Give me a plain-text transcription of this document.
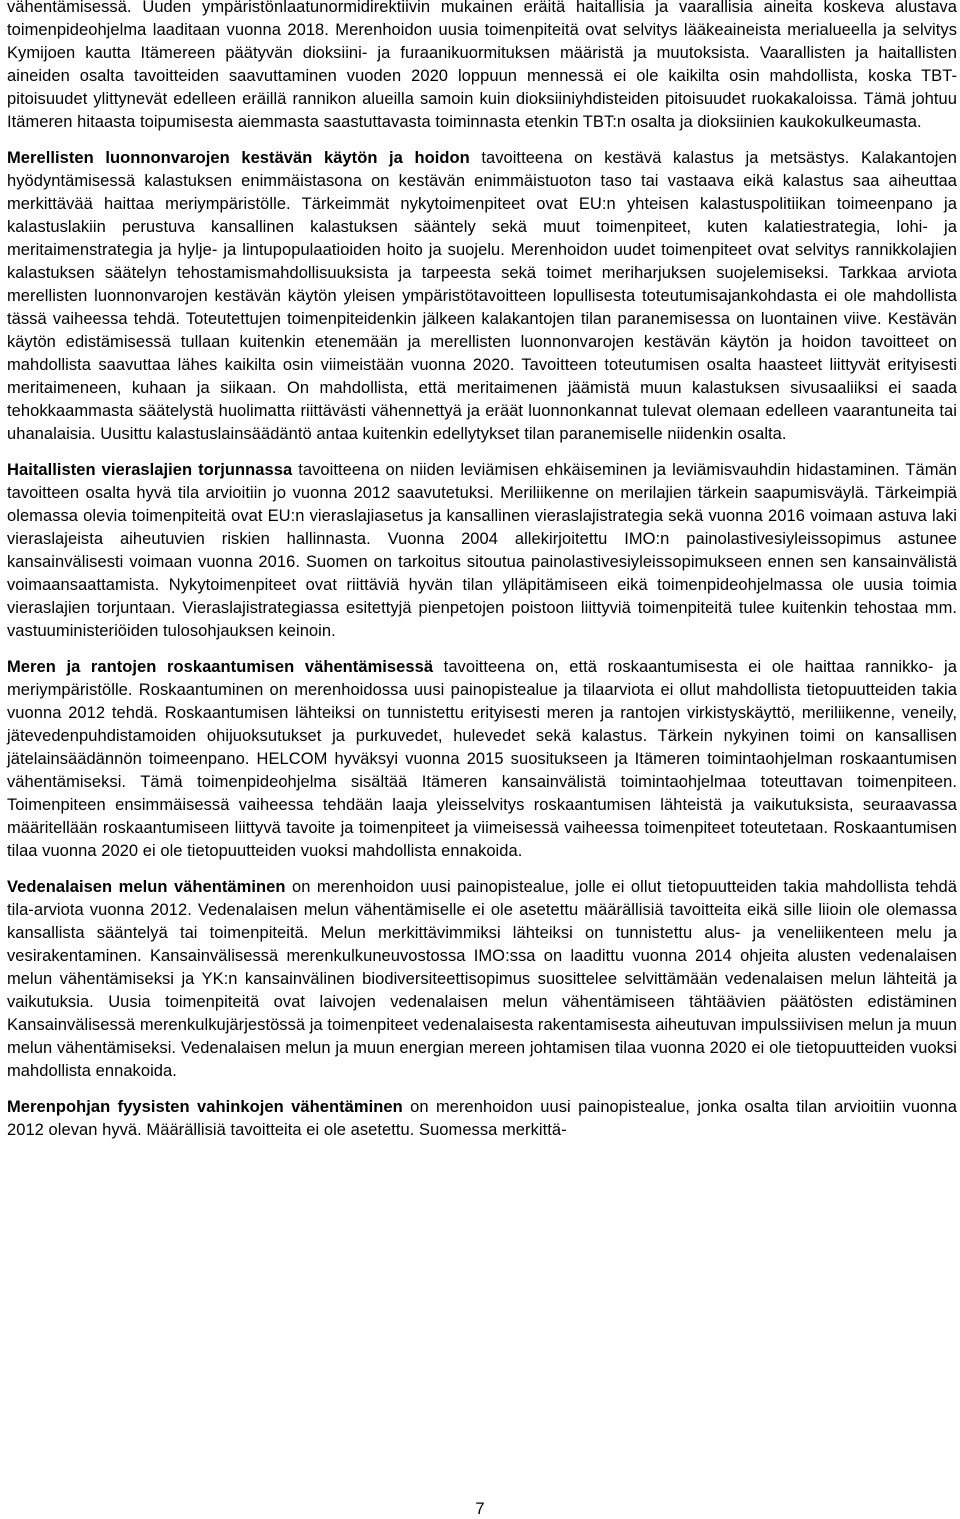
vähentämisessä. Uuden ympäristönlaatunormidirektiivin mukainen eräitä haitallisia ja vaarallisia aineita koskeva alustava toimenpideohjelma laaditaan vuonna 2018. Merenhoidon uusia toimenpiteitä ovat selvitys lääkeaineista merialueella ja selvitys Kymijoen kautta Itämereen päätyvän dioksiini- ja furaanikuormituksen määristä ja muutoksista. Vaarallisten ja haitallisten aineiden osalta tavoitteiden saavuttaminen vuoden 2020 loppuun mennessä ei ole kaikilta osin mahdollista, koska TBT-pitoisuudet ylittynevät edelleen eräillä rannikon alueilla samoin kuin dioksiiniyhdisteiden pitoisuudet ruokakaloissa. Tämä johtuu Itämeren hitaasta toipumisesta aiemmasta saastuttavasta toiminnasta etenkin TBT:n osalta ja dioksiinien kaukokulkeumasta.

Merellisten luonnonvarojen kestävän käytön ja hoidon tavoitteena on kestävä kalastus ja metsästys. Kalakantojen hyödyntämisessä kalastuksen enimmäistasona on kestävän enimmäistuoton taso tai vastaava eikä kalastus saa aiheuttaa merkittävää haittaa meriympäristölle. Tärkeimmät nykytoimenpiteet ovat EU:n yhteisen kalastuspolitiikan toimeenpano ja kalastuslakiin perustuva kansallinen kalastuksen sääntely sekä muut toimenpiteet, kuten kalatiestrategia, lohi- ja meritaimenstrategia ja hylje- ja lintupopulaatioiden hoito ja suojelu. Merenhoidon uudet toimenpiteet ovat selvitys rannikkolajien kalastuksen säätelyn tehostamismahdollisuuksista ja tarpeesta sekä toimet meriharjuksen suojelemiseksi. Tarkkaa arviota merellisten luonnonvarojen kestävän käytön yleisen ympäristötavoitteen lopullisesta toteutumisajankohdasta ei ole mahdollista tässä vaiheessa tehdä. Toteutettujen toimenpiteidenkin jälkeen kalakantojen tilan paranemisessa on luontainen viive. Kestävän käytön edistämisessä tullaan kuitenkin etenemään ja merellisten luonnonvarojen kestävän käytön ja hoidon tavoitteet on mahdollista saavuttaa lähes kaikilta osin viimeistään vuonna 2020. Tavoitteen toteutumisen osalta haasteet liittyvät erityisesti meritaimeneen, kuhaan ja siikaan. On mahdollista, että meritaimenen jäämistä muun kalastuksen sivusaaliiksi ei saada tehokkaammasta säätelystä huolimatta riittävästi vähennettyä ja eräät luonnonkannat tulevat olemaan edelleen vaarantuneita tai uhanalaisia. Uusittu kalastuslainsäädäntö antaa kuitenkin edellytykset tilan paranemiselle niidenkin osalta.

Haitallisten vieraslajien torjunnassa tavoitteena on niiden leviämisen ehkäiseminen ja leviämisvauhdin hidastaminen. Tämän tavoitteen osalta hyvä tila arvioitiin jo vuonna 2012 saavutetuksi. Meriliikenne on merilajien tärkein saapumisväylä. Tärkeimpiä olemassa olevia toimenpiteitä ovat EU:n vieraslajiasetus ja kansallinen vieraslajistrategia sekä vuonna 2016 voimaan astuva laki vieraslajeista aiheutuvien riskien hallinnasta. Vuonna 2004 allekirjoitettu IMO:n painolastivesiyleissopimus astunee kansainvälisesti voimaan vuonna 2016. Suomen on tarkoitus sitoutua painolastivesiyleissopimukseen ennen sen kansainvälistä voimaansaattamista. Nykytoimenpiteet ovat riittäviä hyvän tilan ylläpitämiseen eikä toimenpideohjelmassa ole uusia toimia vieraslajien torjuntaan. Vieraslajistrategiassa esitettyjä pienpetojen poistoon liittyviä toimenpiteitä tulee kuitenkin tehostaa mm. vastuuministeriöiden tulosohjauksen keinoin.

Meren ja rantojen roskaantumisen vähentämisessä tavoitteena on, että roskaantumisesta ei ole haittaa rannikko- ja meriympäristölle. Roskaantuminen on merenhoidossa uusi painopistealue ja tilaarviota ei ollut mahdollista tietopuutteiden takia vuonna 2012 tehdä. Roskaantumisen lähteiksi on tunnistettu erityisesti meren ja rantojen virkistyskäyttö, meriliikenne, veneily, jätevedenpuhdistamoiden ohijuoksutukset ja purkuvedet, hulevedet sekä kalastus. Tärkein nykyinen toimi on kansallisen jätelainsäädännön toimeenpano. HELCOM hyväksyi vuonna 2015 suositukseen ja Itämeren toimintaohjelman roskaantumisen vähentämiseksi. Tämä toimenpideohjelma sisältää Itämeren kansainvälistä toimintaohjelmaa toteuttavan toimenpiteen. Toimenpiteen ensimmäisessä vaiheessa tehdään laaja yleisselvitys roskaantumisen lähteistä ja vaikutuksista, seuraavassa määritellään roskaantumiseen liittyvä tavoite ja toimenpiteet ja viimeisessä vaiheessa toimenpiteet toteutetaan. Roskaantumisen tilaa vuonna 2020 ei ole tietopuutteiden vuoksi mahdollista ennakoida.

Vedenalaisen melun vähentäminen on merenhoidon uusi painopistealue, jolle ei ollut tietopuutteiden takia mahdollista tehdä tila-arviota vuonna 2012. Vedenalaisen melun vähentämiselle ei ole asetettu määrällisiä tavoitteita eikä sille liioin ole olemassa kansallista sääntelyä tai toimenpiteitä. Melun merkittävimmiksi lähteiksi on tunnistettu alus- ja veneliikenteen melu ja vesirakentaminen. Kansainvälisessä merenkulkuneuvostossa IMO:ssa on laadittu vuonna 2014 ohjeita alusten vedenalaisen melun vähentämiseksi ja YK:n kansainvälinen biodiversiteettisopimus suosittelee selvittämään vedenalaisen melun lähteitä ja vaikutuksia. Uusia toimenpiteitä ovat laivojen vedenalaisen melun vähentämiseen tähtäävien päätösten edistäminen Kansainvälisessä merenkulkujärjestössä ja toimenpiteet vedenalaisesta rakentamisesta aiheutuvan impulssiivisen melun ja muun melun vähentämiseksi. Vedenalaisen melun ja muun energian mereen johtamisen tilaa vuonna 2020 ei ole tietopuutteiden vuoksi mahdollista ennakoida.

Merenpohjan fyysisten vahinkojen vähentäminen on merenhoidon uusi painopistealue, jonka osalta tilan arvioitiin vuonna 2012 olevan hyvä. Määrällisiä tavoitteita ei ole asetettu. Suomessa merkittä-

7
